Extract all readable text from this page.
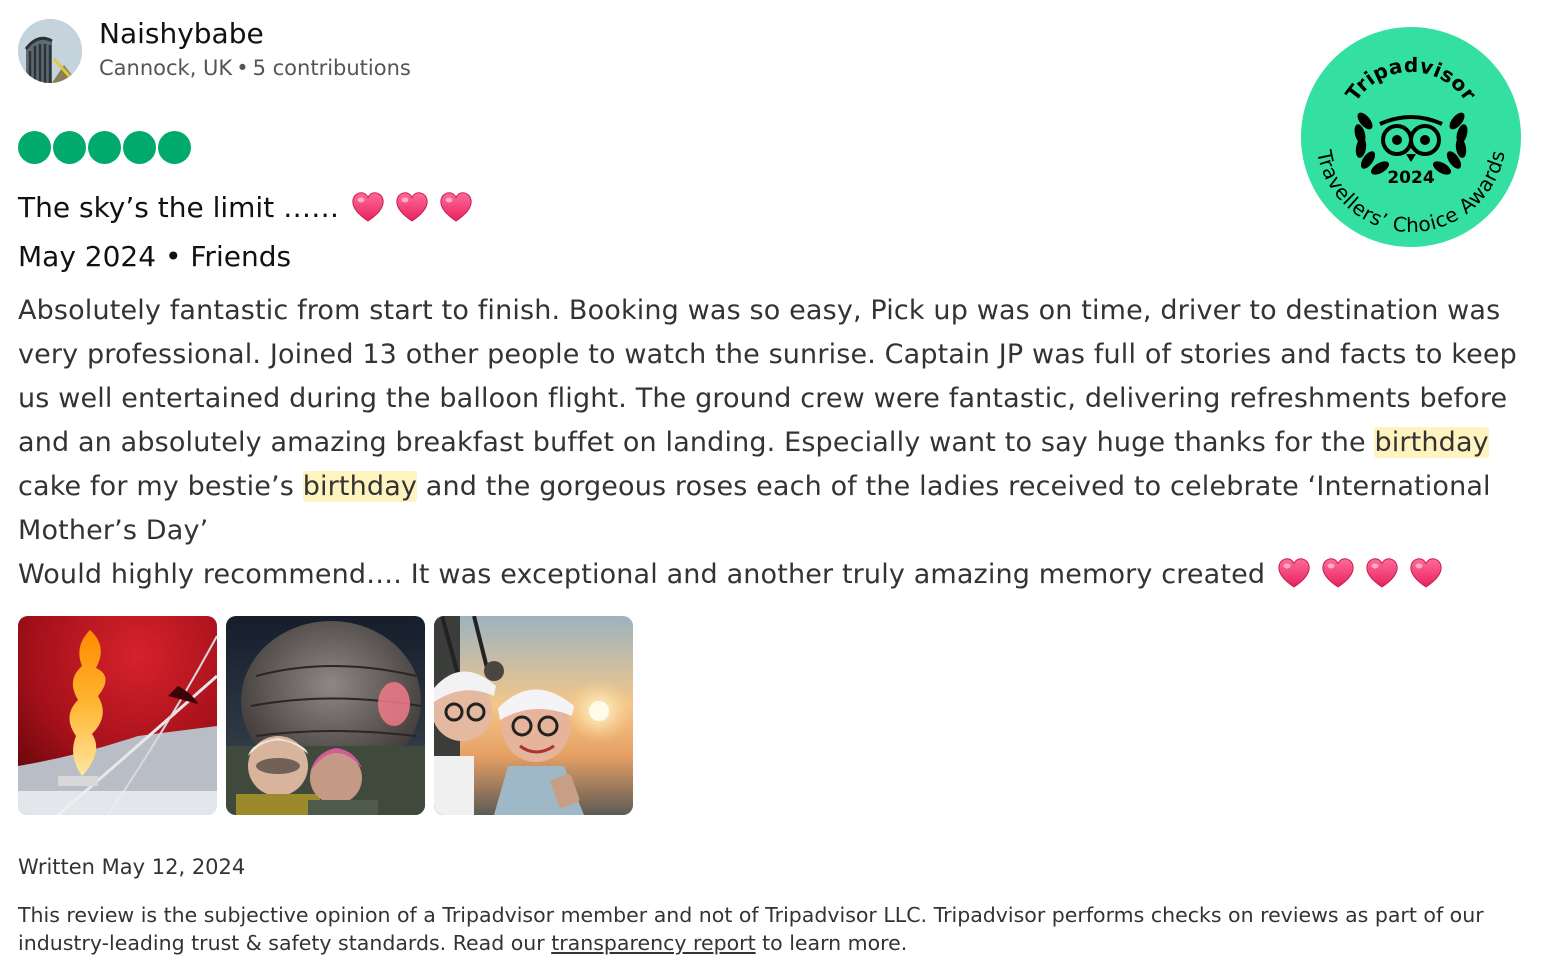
Naishybabe
Cannock, UK • 5 contributions
The sky’s the limit ……
May 2024 • Friends

Absolutely fantastic from start to finish. Booking was so easy, Pick up was on time, driver to destination was very professional. Joined 13 other people to watch the sunrise. Captain JP was full of stories and facts to keep us well entertained during the balloon flight. The ground crew were fantastic, delivering refreshments before and an absolutely amazing breakfast buffet on landing. Especially want to say huge thanks for the birthday cake for my bestie’s birthday and the gorgeous roses each of the ladies received to celebrate ‘International Mother’s Day’

Would highly recommend…. It was exceptional and another truly amazing memory created

Written May 12, 2024
This review is the subjective opinion of a Tripadvisor member and not of Tripadvisor LLC. Tripadvisor performs checks on reviews as part of our industry-leading trust & safety standards. Read our transparency report to learn more.
Tripadvisor
Travellers’ Choice Awards
2024
